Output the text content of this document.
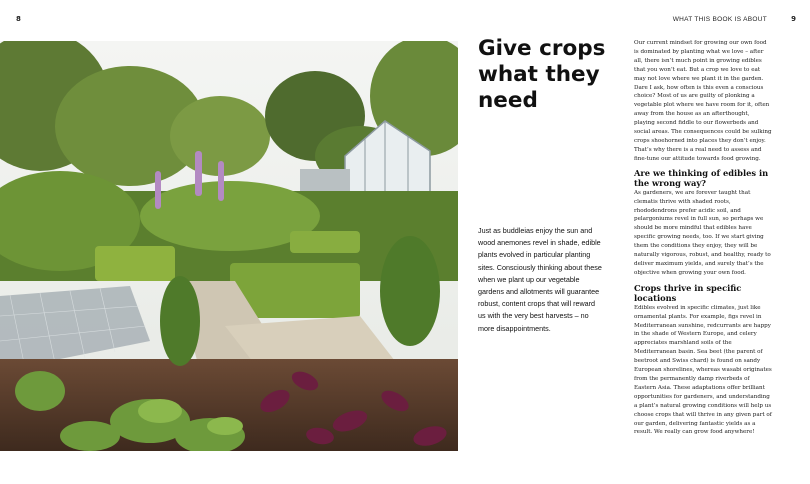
8	WHAT THIS BOOK IS ABOUT	9
Give crops what they need

Just as buddleias enjoy the sun and wood anemones revel in shade, edible plants evolved in particular planting sites. Consciously thinking about these when we plant up our vegetable gardens and allotments will guarantee robust, content crops that will reward us with the very best harvests – no more disappointments.

Our current mindset for growing our own food is dominated by planting what we love – after all, there isn’t much point in growing edibles that you won’t eat. But a crop we love to eat may not love where we plant it in the garden. Dare I ask, how often is this even a conscious choice? Most of us are guilty of plonking a vegetable plot where we have room for it, often away from the house as an afterthought, playing second fiddle to our flowerbeds and social areas. The consequences could be sulking crops shoehorned into places they don’t enjoy. That’s why there is a real need to assess and fine-tune our attitude towards food growing.

Are we thinking of edibles in the wrong way?

As gardeners, we are forever taught that clematis thrive with shaded roots, rhododendrons prefer acidic soil, and pelargoniums revel in full sun, so perhaps we should be more mindful that edibles have specific growing needs, too. If we start giving them the conditions they enjoy, they will be naturally vigorous, robust, and healthy, ready to deliver maximum yields, and surely that’s the objective when growing your own food.

Crops thrive in specific locations

Edibles evolved in specific climates, just like ornamental plants. For example, figs revel in Mediterranean sunshine, redcurrants are happy in the shade of Western Europe, and celery appreciates marshland soils of the Mediterranean basin. Sea beet (the parent of beetroot and Swiss chard) is found on sandy European shorelines, whereas wasabi originates from the permanently damp riverbeds of Eastern Asia. These adaptations offer brilliant opportunities for gardeners, and understanding a plant’s natural growing conditions will help us choose crops that will thrive in any given part of our garden, delivering fantastic yields as a result. We really can grow food anywhere!
